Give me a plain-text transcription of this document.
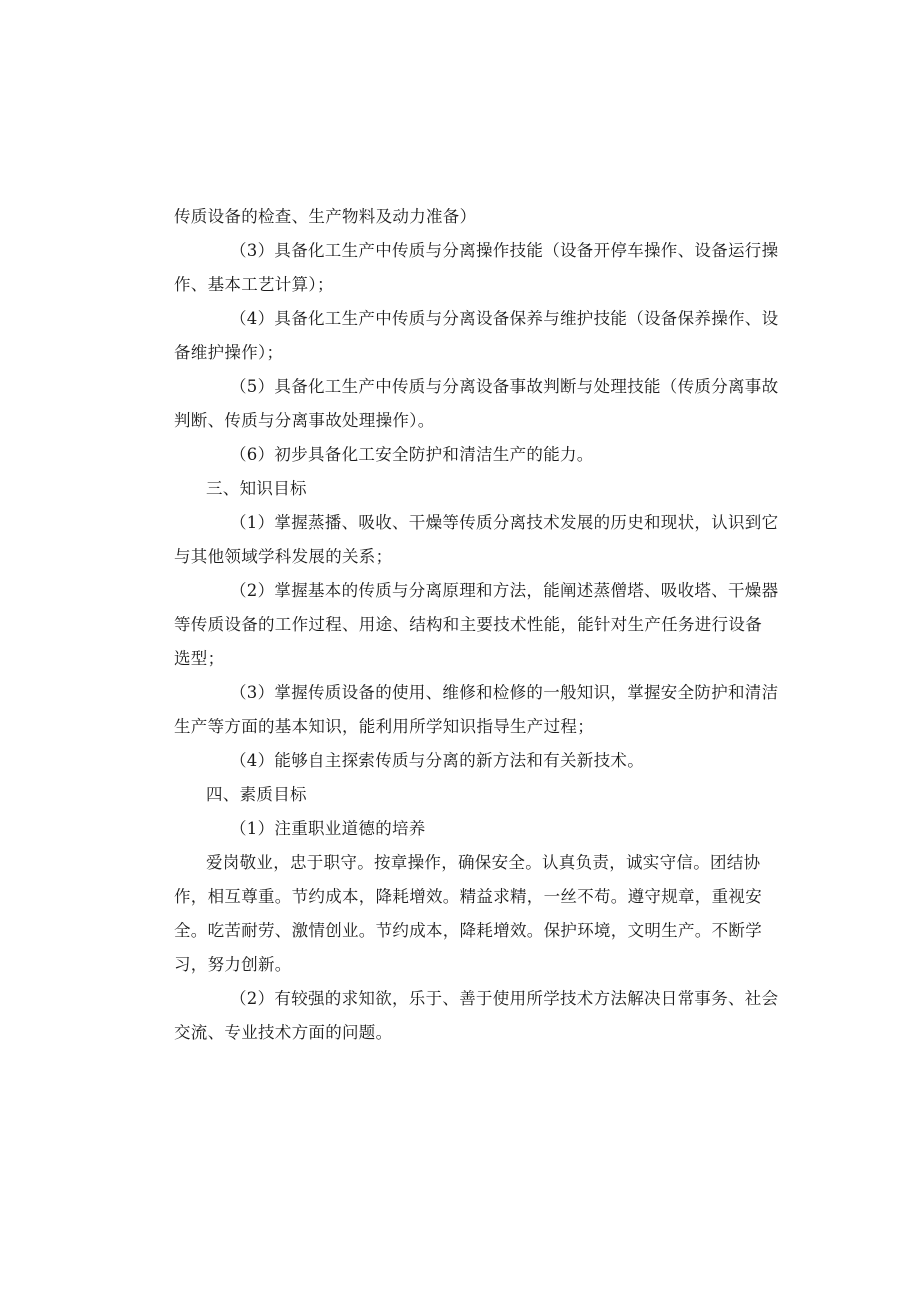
传质设备的检查、生产物料及动力准备）
（3）具备化工生产中传质与分离操作技能（设备开停车操作、设备运行操
作、基本工艺计算）；
（4）具备化工生产中传质与分离设备保养与维护技能（设备保养操作、设
备维护操作）；
（5）具备化工生产中传质与分离设备事故判断与处理技能（传质分离事故
判断、传质与分离事故处理操作）。
（6）初步具备化工安全防护和清洁生产的能力。
三、知识目标
（1）掌握蒸播、吸收、干燥等传质分离技术发展的历史和现状，认识到它
与其他领域学科发展的关系；
（2）掌握基本的传质与分离原理和方法，能阐述蒸僧塔、吸收塔、干燥器
等传质设备的工作过程、用途、结构和主要技术性能，能针对生产任务进行设备
选型；
（3）掌握传质设备的使用、维修和检修的一般知识，掌握安全防护和清洁
生产等方面的基本知识，能利用所学知识指导生产过程；
（4）能够自主探索传质与分离的新方法和有关新技术。
四、素质目标
（1）注重职业道德的培养
爱岗敬业，忠于职守。按章操作，确保安全。认真负责，诚实守信。团结协
作，相互尊重。节约成本，降耗增效。精益求精，一丝不苟。遵守规章，重视安
全。吃苦耐劳、激情创业。节约成本，降耗增效。保护环境，文明生产。不断学
习，努力创新。
（2）有较强的求知欲，乐于、善于使用所学技术方法解决日常事务、社会
交流、专业技术方面的问题。
